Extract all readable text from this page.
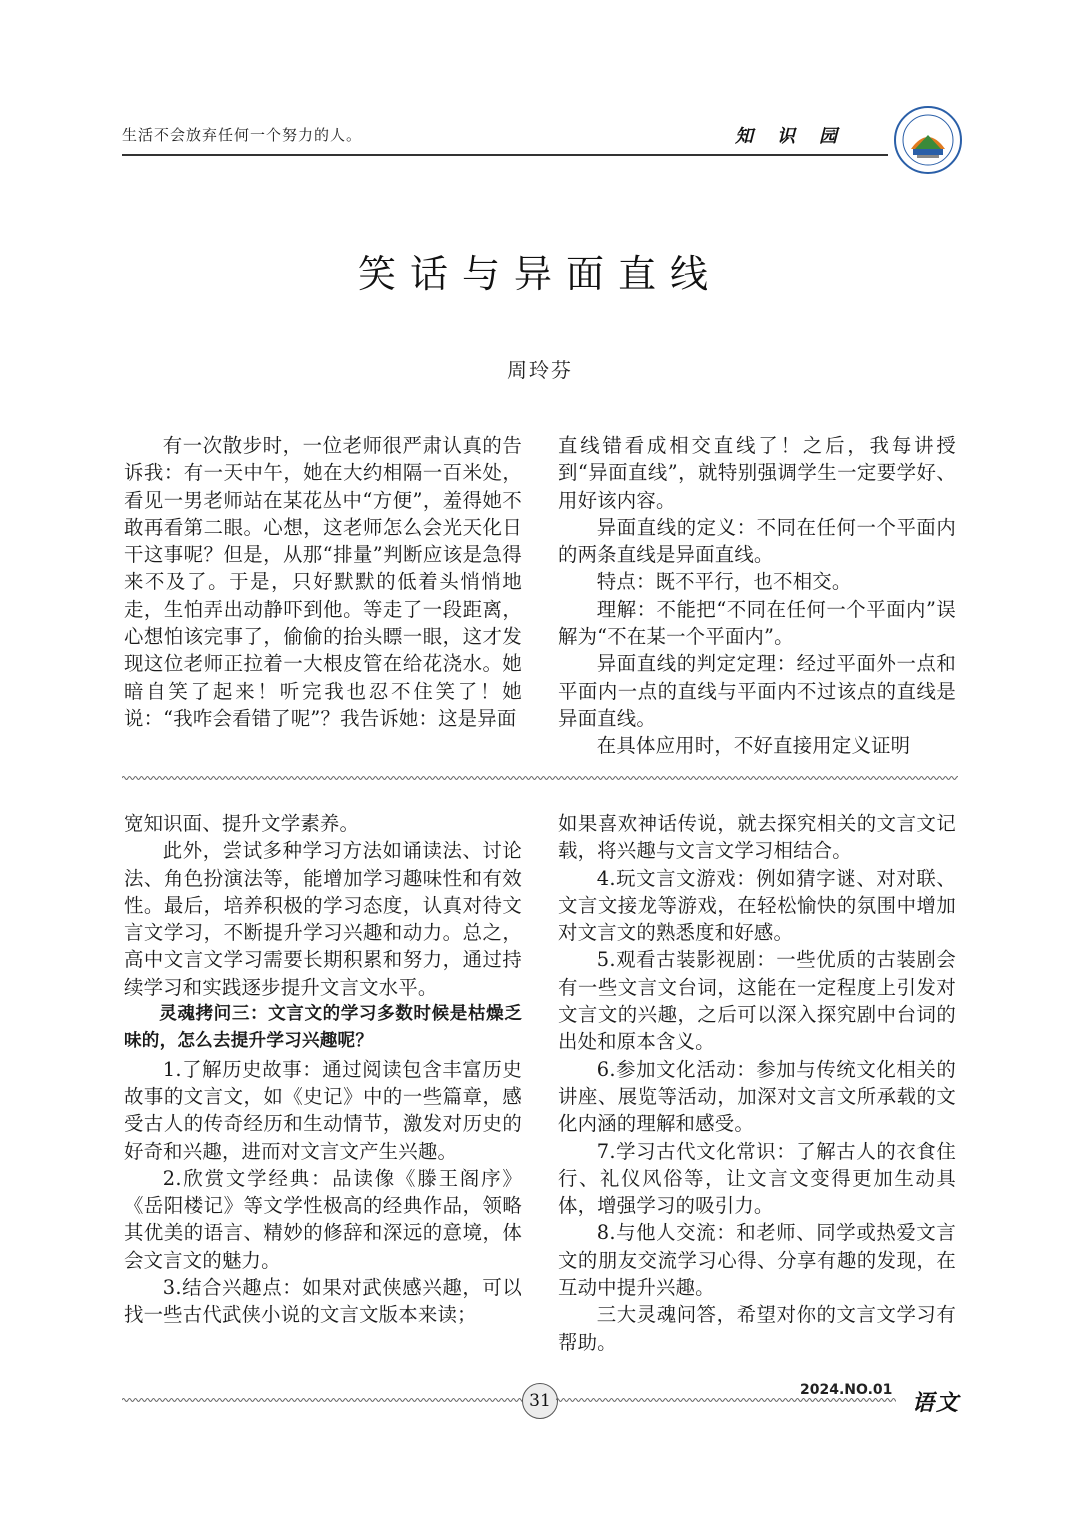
生活不会放弃任何一个努力的人。	知识园
笑话与异面直线
周玲芬

有一次散步时，一位老师很严肃认真的告诉我：有一天中午，她在大约相隔一百米处，看见一男老师站在某花丛中“方便”，羞得她不敢再看第二眼。心想，这老师怎么会光天化日干这事呢？但是，从那“排量”判断应该是急得来不及了。于是，只好默默的低着头悄悄地走，生怕弄出动静吓到他。等走了一段距离，心想怕该完事了，偷偷的抬头瞟一眼，这才发现这位老师正拉着一大根皮管在给花浇水。她暗自笑了起来！听完我也忍不住笑了！她说：“我咋会看错了呢”？我告诉她：这是异面

直线错看成相交直线了！之后，我每讲授到“异面直线”，就特别强调学生一定要学好、用好该内容。

异面直线的定义：不同在任何一个平面内的两条直线是异面直线。

特点：既不平行，也不相交。

理解：不能把“不同在任何一个平面内”误解为“不在某一个平面内”。

异面直线的判定定理：经过平面外一点和平面内一点的直线与平面内不过该点的直线是异面直线。

在具体应用时，不好直接用定义证明

宽知识面、提升文学素养。

此外，尝试多种学习方法如诵读法、讨论法、角色扮演法等，能增加学习趣味性和有效性。最后，培养积极的学习态度，认真对待文言文学习，不断提升学习兴趣和动力。总之，高中文言文学习需要长期积累和努力，通过持续学习和实践逐步提升文言文水平。

灵魂拷问三：文言文的学习多数时候是枯燥乏味的，怎么去提升学习兴趣呢？

1.了解历史故事：通过阅读包含丰富历史故事的文言文，如《史记》中的一些篇章，感受古人的传奇经历和生动情节，激发对历史的好奇和兴趣，进而对文言文产生兴趣。

2.欣赏文学经典：品读像《滕王阁序》《岳阳楼记》等文学性极高的经典作品，领略其优美的语言、精妙的修辞和深远的意境，体会文言文的魅力。

3.结合兴趣点：如果对武侠感兴趣，可以找一些古代武侠小说的文言文版本来读；

如果喜欢神话传说，就去探究相关的文言文记载，将兴趣与文言文学习相结合。

4.玩文言文游戏：例如猜字谜、对对联、文言文接龙等游戏，在轻松愉快的氛围中增加对文言文的熟悉度和好感。

5.观看古装影视剧：一些优质的古装剧会有一些文言文台词，这能在一定程度上引发对文言文的兴趣，之后可以深入探究剧中台词的出处和原本含义。

6.参加文化活动：参加与传统文化相关的讲座、展览等活动，加深对文言文所承载的文化内涵的理解和感受。

7.学习古代文化常识：了解古人的衣食住行、礼仪风俗等，让文言文变得更加生动具体，增强学习的吸引力。

8.与他人交流：和老师、同学或热爱文言文的朋友交流学习心得、分享有趣的发现，在互动中提升兴趣。

三大灵魂问答，希望对你的文言文学习有帮助。

31
2024.NO.01 语文
